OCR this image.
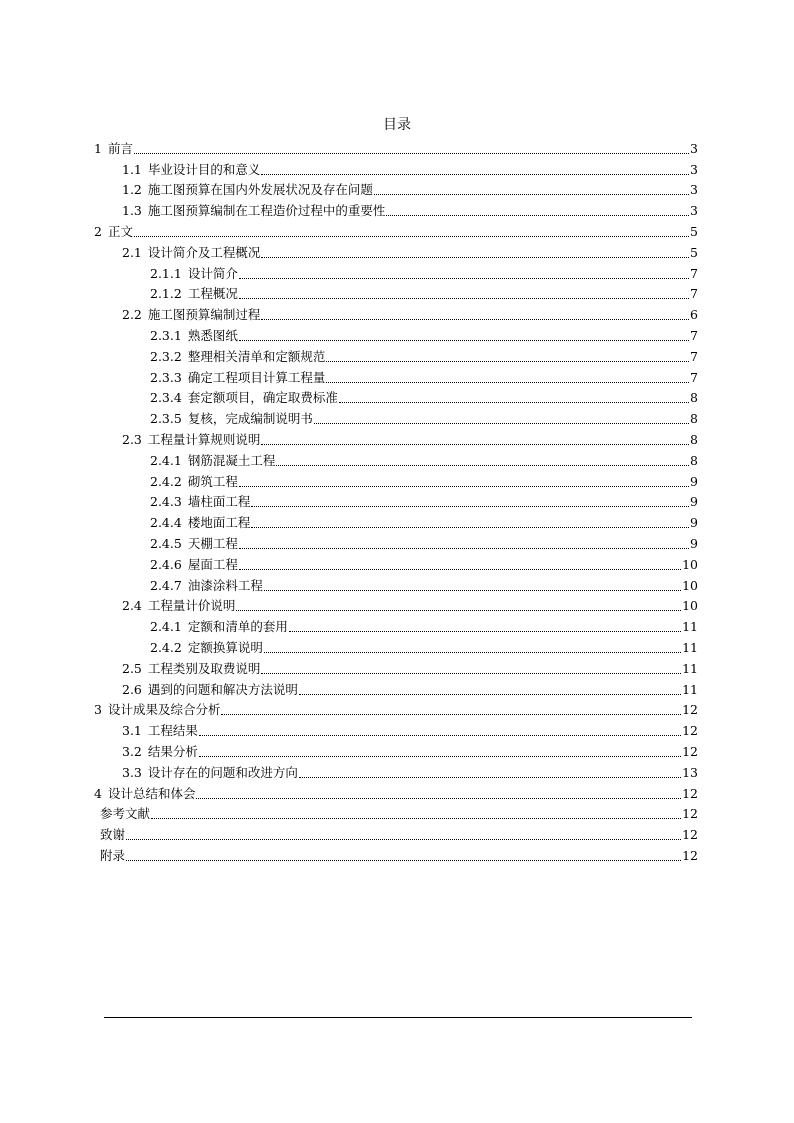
目录
1 前言	3
1.1 毕业设计目的和意义	3
1.2 施工图预算在国内外发展状况及存在问题	3
1.3 施工图预算编制在工程造价过程中的重要性	3
2 正文	5
2.1 设计简介及工程概况	5
2.1.1 设计简介	7
2.1.2 工程概况	7
2.2 施工图预算编制过程	6
2.3.1 熟悉图纸	7
2.3.2 整理相关清单和定额规范	7
2.3.3 确定工程项目计算工程量	7
2.3.4 套定额项目，确定取费标准	8
2.3.5 复核，完成编制说明书	8
2.3 工程量计算规则说明	8
2.4.1 钢筋混凝土工程	8
2.4.2 砌筑工程	9
2.4.3 墙柱面工程	9
2.4.4 楼地面工程	9
2.4.5 天棚工程	9
2.4.6 屋面工程	10
2.4.7 油漆涂料工程	10
2.4 工程量计价说明	10
2.4.1 定额和清单的套用	11
2.4.2 定额换算说明	11
2.5 工程类别及取费说明	11
2.6 遇到的问题和解决方法说明	11
3 设计成果及综合分析	12
3.1 工程结果	12
3.2 结果分析	12
3.3 设计存在的问题和改进方向	13
4 设计总结和体会	12
参考文献	12
致谢	12
附录	12
